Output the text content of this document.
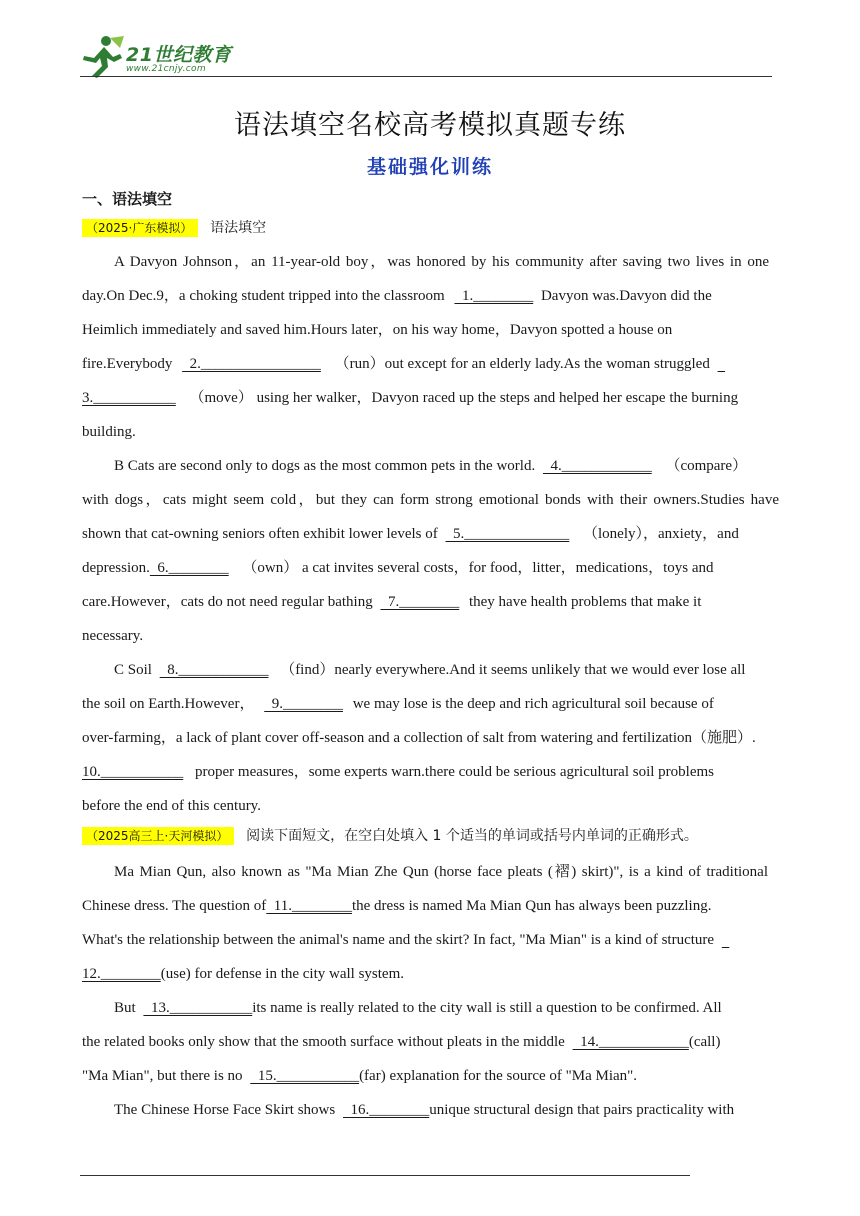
21世纪教育
www.21cnjy.com
语法填空名校高考模拟真题专练
基础强化训练
一、语法填空
（2025·广东模拟） 语法填空
A Davyon Johnson，an 11-year-old boy，was honored by his community after saving two lives in one
day.On Dec.9，a choking student tripped into the classroom   1.________ Davyon was.Davyon did the
Heimlich immediately and saved him.Hours later，on his way home，Davyon spotted a house on
fire.Everybody   2.________________ （run）out except for an elderly lady.As the woman struggled
3.___________ （move） using her walker，Davyon raced up the steps and helped her escape the burning
building.
B Cats are second only to dogs as the most common pets in the world.   4.____________ （compare）
with dogs，cats might seem cold，but they can form strong emotional bonds with their owners.Studies have
shown that cat-owning seniors often exhibit lower levels of   5.______________ （lonely），anxiety，and
depression.  6.________ （own） a cat invites several costs，for food，litter，medications，toys and
care.However，cats do not need regular bathing   7.________ they have health problems that make it
necessary.
C Soil   8.____________ （find）nearly everywhere.And it seems unlikely that we would ever lose all
the soil on Earth.However，   9.________ we may lose is the deep and rich agricultural soil because of
over-farming，a lack of plant cover off-season and a collection of salt from watering and fertilization（施肥）.
10.___________ proper measures，some experts warn.there could be serious agricultural soil problems
before the end of this century.
（2025高三上·天河模拟） 阅读下面短文，在空白处填入 1 个适当的单词或括号内单词的正确形式。
Ma Mian Qun, also known as "Ma Mian Zhe Qun (horse face pleats (褶) skirt)", is a kind of traditional
Chinese dress. The question of  11.________the dress is named Ma Mian Qun has always been puzzling.
What's the relationship between the animal's name and the skirt? In fact, "Ma Mian" is a kind of structure
12.________(use) for defense in the city wall system.
But   13.___________its name is really related to the city wall is still a question to be confirmed. All
the related books only show that the smooth surface without pleats in the middle   14.____________(call)
"Ma Mian", but there is no   15.___________(far) explanation for the source of "Ma Mian".
The Chinese Horse Face Skirt shows   16.________unique structural design that pairs practicality with
